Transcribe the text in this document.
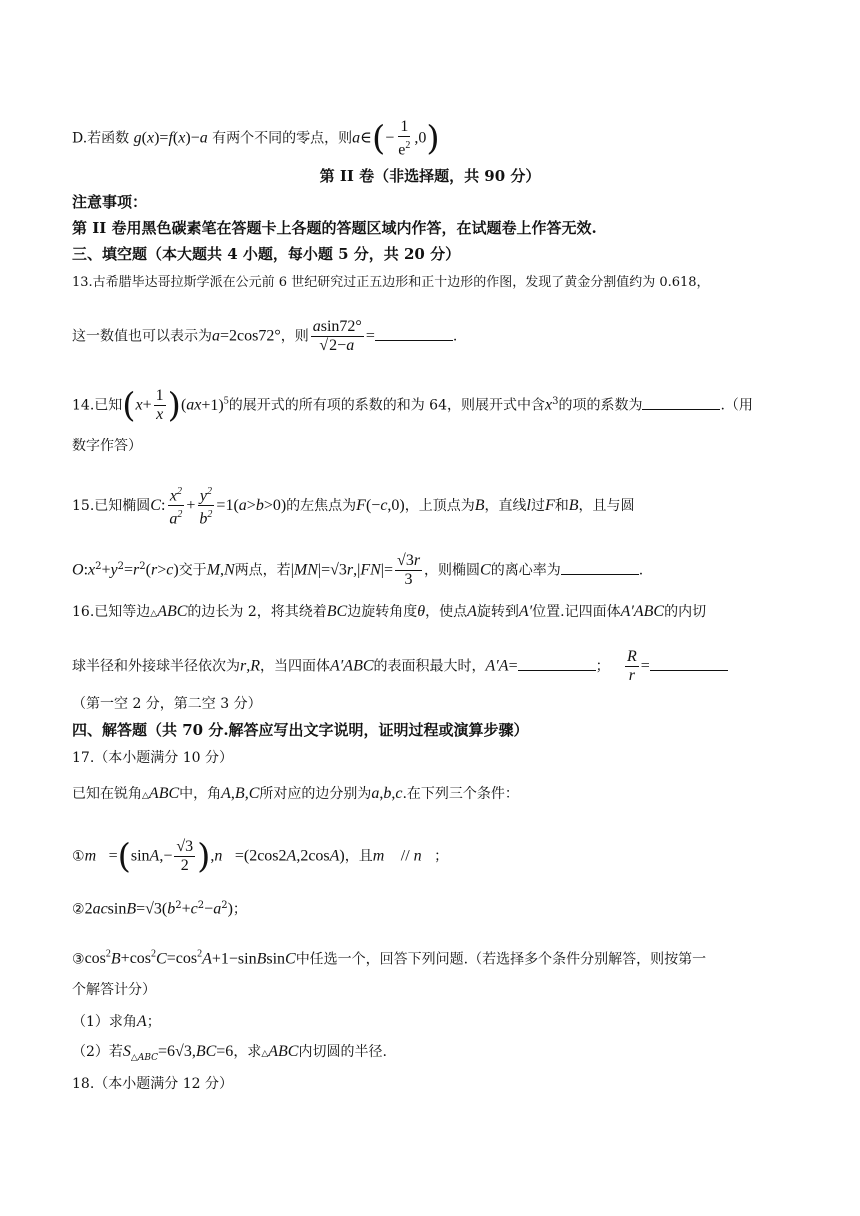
D.若函数 g(x)=f(x)−a 有两个不同的零点，则a∈(− $\frac{1}{e^2} ,0$)
第 II 卷（非选择题，共 90 分）
注意事项：
第 II 卷用黑色碳素笔在答题卡上各题的答题区域内作答，在试题卷上作答无效.
三、填空题（本大题共 4 小题，每小题 5 分，共 20 分）
13.古希腊毕达哥拉斯学派在公元前 6 世纪研究过正五边形和正十边形的作图，发现了黄金分割值约为 0.618，
这一数值也可以表示为a=2cos72°，则 $\frac{asin72^\circ}{√2-a}$ =	.
14.已知$(x+ \frac{1}{x} )(ax+1)^5$的展开式的所有项的系数的和为 64，则展开式中含$x^3$的项的系数为	.（用
数字作答）
15.已知椭圆C: $\frac{x^2}{a^2} + \frac{y^2}{b^2} =1(a>b>0)$的左焦点为F(−c,0)，上顶点为B，直线l过F和B，且与圆
$O:x^2+y^2=r^2(r>c)$交于M,N两点，若$|MN|=√3r,|FN|= \frac{√3r}{3}$ ，则椭圆C的离心率为	.
16.已知等边△ABC的边长为 2，将其绕着BC边旋转角度θ，使点A旋转到A′位置.记四面体A′ABC的内切
球半径和外接球半径依次为r,R，当四面体A′ABC的表面积最大时，A′A=	； $\frac{R}{r}$ =
（第一空 2 分，第二空 3 分）
四、解答题（共 70 分.解答应写出文字说明，证明过程或演算步骤）
17.（本小题满分 10 分）
已知在锐角△ABC中，角A,B,C所对应的边分别为a,b,c.在下列三个条件：
①m⃗=(sinA,− $\frac{√3}{2}$ ),n⃗=(2cos2A,2cosA)，且m⃗ // n⃗；
$②2acsinB=√3(b^2+c^2-a^2)$；
$③\cos^2B+\cos^2C=\cos^2A+1-sinBsinC$中任选一个，回答下列问题.（若选择多个条件分别解答，则按第一
个解答计分）
（1）求角A；
（2）若$S_{\triangle ABC}=6√3,BC=6$，求△ABC内切圆的半径.
18.（本小题满分 12 分）
